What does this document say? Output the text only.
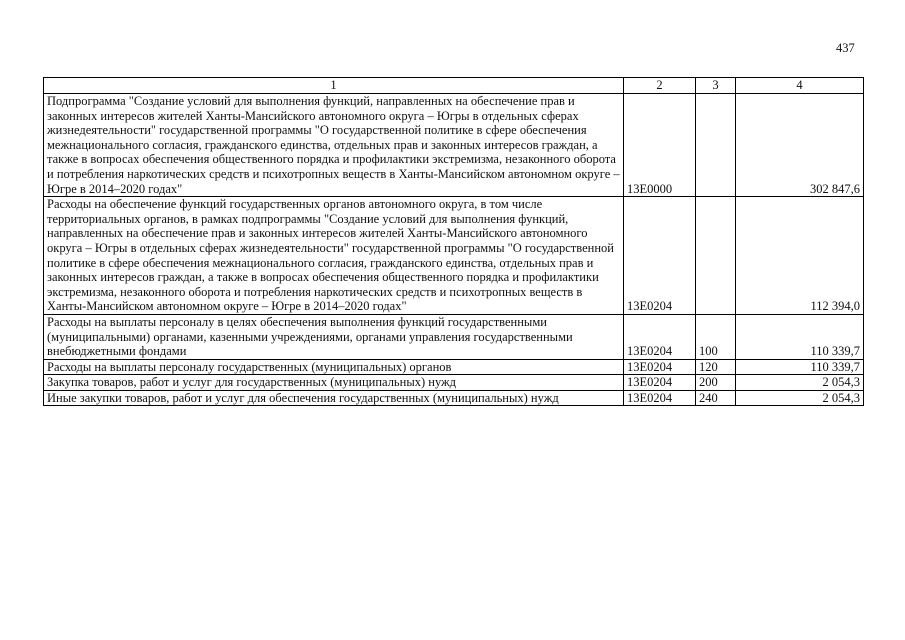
437
1	2	3	4
Подпрограмма "Создание условий для выполнения функций, направленных на обеспечение прав и законных интересов жителей Ханты-Мансийского автономного округа – Югры в отдельных сферах жизнедеятельности" государственной программы "О государственной политике в сфере обеспечения межнационального согласия, гражданского единства, отдельных прав и законных интересов граждан, а также в вопросах обеспечения общественного порядка и профилактики экстремизма, незаконного оборота и потребления наркотических средств и психотропных веществ в Ханты-Мансийском автономном округе – Югре в 2014–2020 годах"	13Е0000		302 847,6
Расходы на обеспечение функций государственных органов автономного округа, в том числе территориальных органов, в рамках подпрограммы "Создание условий для выполнения функций, направленных на обеспечение прав и законных интересов жителей Ханты-Мансийского автономного округа – Югры в отдельных сферах жизнедеятельности" государственной программы "О государственной политике в сфере обеспечения межнационального согласия, гражданского единства, отдельных прав и законных интересов граждан, а также в вопросах обеспечения общественного порядка и профилактики экстремизма, незаконного оборота и потребления наркотических средств и психотропных веществ в Ханты-Мансийском автономном округе – Югре в 2014–2020 годах"	13Е0204		112 394,0
Расходы на выплаты персоналу в целях обеспечения выполнения функций государственными (муниципальными) органами, казенными учреждениями, органами управления государственными внебюджетными фондами	13Е0204	100	110 339,7
Расходы на выплаты персоналу государственных (муниципальных) органов	13Е0204	120	110 339,7
Закупка товаров, работ и услуг для государственных (муниципальных) нужд	13Е0204	200	2 054,3
Иные закупки товаров, работ и услуг для обеспечения государственных (муниципальных) нужд	13Е0204	240	2 054,3
